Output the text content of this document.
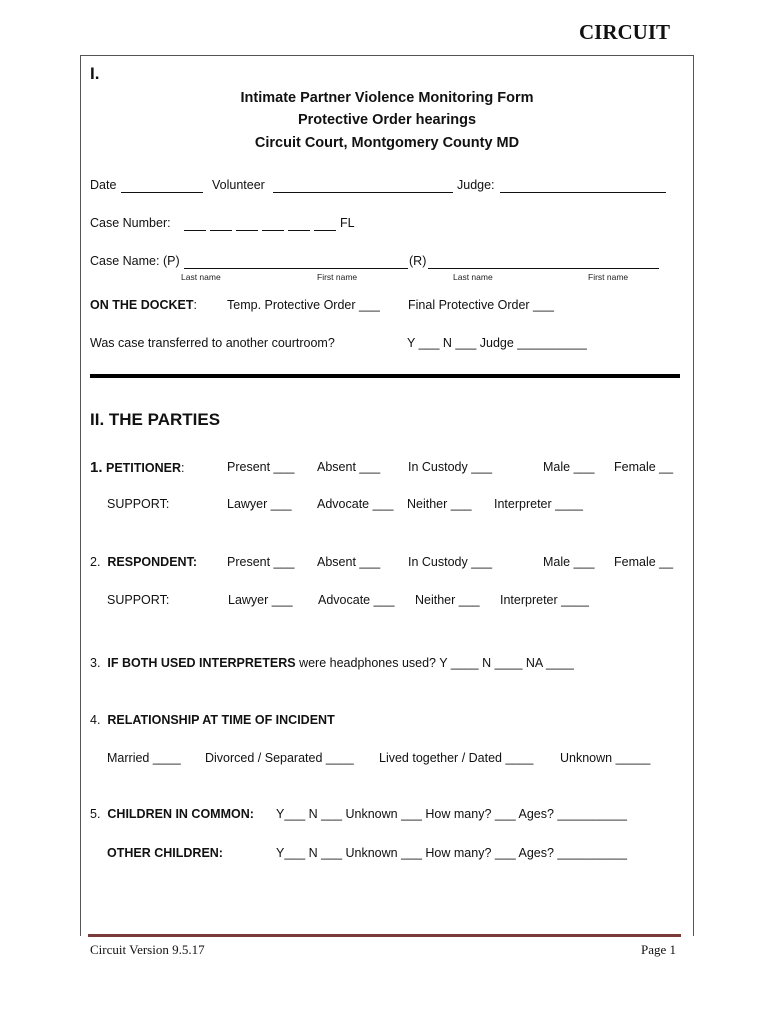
CIRCUIT
I.
Intimate Partner Violence Monitoring Form
Protective Order hearings
Circuit Court, Montgomery County MD
Date	Volunteer	Judge:
Case Number:	FL
Case Name: (P)	(R)
Last name	First name	Last name	First name
ON THE DOCKET: Temp. Protective Order ___ Final Protective Order ___
Was case transferred to another courtroom?	Y ___ N ___ Judge __________
II. THE PARTIES
1. PETITIONER:	Present ___ Absent ___ In Custody ___	Male ___ Female __
SUPPORT:	Lawyer ___ Advocate ___ Neither ___ Interpreter ____
2. RESPONDENT: Present ___ Absent ___ In Custody ___	Male ___ Female __
SUPPORT:	Lawyer ___ Advocate ___ Neither ___ Interpreter ____
3. IF BOTH USED INTERPRETERS were headphones used? Y ____ N ____ NA ____
4. RELATIONSHIP AT TIME OF INCIDENT
Married ____ Divorced / Separated ____ Lived together / Dated ____ Unknown _____
5. CHILDREN IN COMMON: Y___ N ___ Unknown ___ How many? ___ Ages? __________
OTHER CHILDREN:	Y___ N ___ Unknown ___ How many? ___ Ages? __________
Circuit Version 9.5.17	Page 1
